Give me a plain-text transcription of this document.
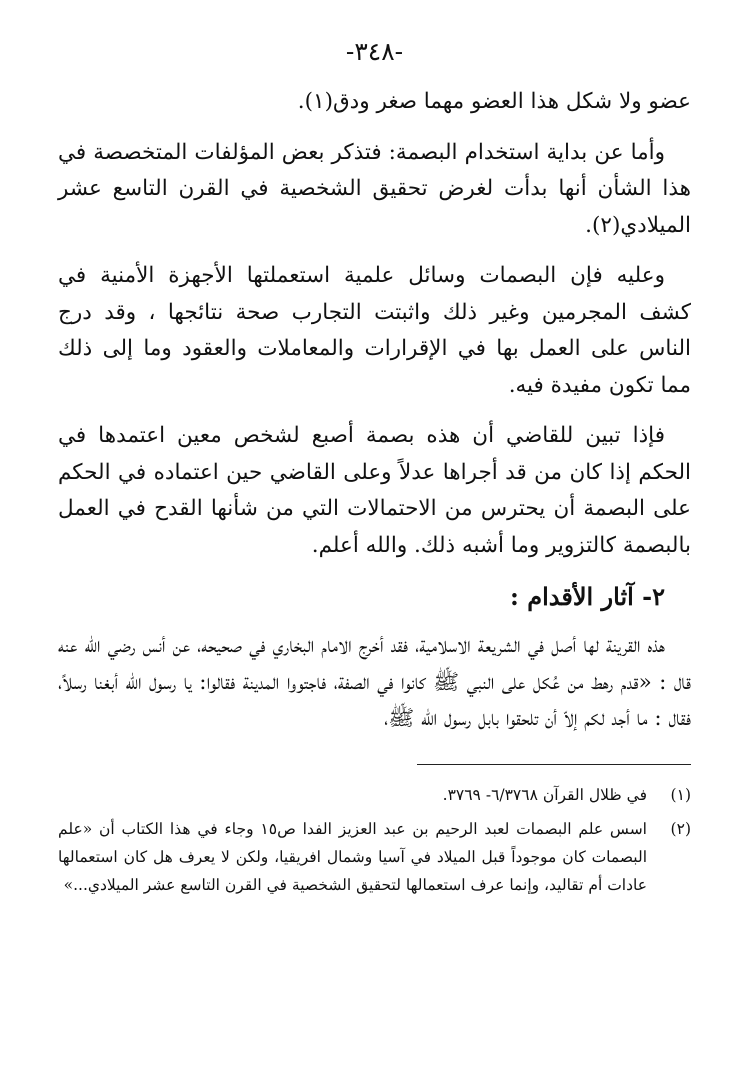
-٣٤٨-

عضو ولا شكل هذا العضو مهما صغر ودق(١).

وأما عن بداية استخدام البصمة: فتذكر بعض المؤلفات المتخصصة في هذا الشأن أنها بدأت لغرض تحقيق الشخصية في القرن التاسع عشر الميلادي(٢).

وعليه فإن البصمات وسائل علمية استعملتها الأجهزة الأمنية في كشف المجرمين وغير ذلك واثبتت التجارب صحة نتائجها ، وقد درج الناس على العمل بها في الإقرارات والمعاملات والعقود وما إلى ذلك مما تكون مفيدة فيه.

فإذا تبين للقاضي أن هذه بصمة أصبع لشخص معين اعتمدها في الحكم إذا كان من قد أجراها عدلاً وعلى القاضي حين اعتماده في الحكم على البصمة أن يحترس من الاحتمالات التي من شأنها القدح في العمل بالبصمة كالتزوير وما أشبه ذلك. والله أعلم.

٢- آثار الأقدام :

هذه القرينة لها أصل في الشريعة الاسلامية، فقد أخرج الامام البخاري في صحيحه، عن أنس رضي الله عنه قال : «قدم رهط من عُكل على النبي ﷺ كانوا في الصفة، فاجتووا المدينة فقالوا: يا رسول الله أبغنا رسلاً، فقال : ما أجد لكم إلاّ أن تلحقوا بابل رسول الله ﷺ،

(١)
في ظلال القرآن ٦/٣٧٦٨- ٣٧٦٩.
(٢)
اسس علم البصمات لعبد الرحيم بن عبد العزيز الفدا ص١٥ وجاء في هذا الكتاب أن «علم البصمات كان موجوداً قبل الميلاد في آسيا وشمال افريقيا، ولكن لا يعرف هل كان استعمالها عادات أم تقاليد، وإنما عرف استعمالها لتحقيق الشخصية في القرن التاسع عشر الميلادي...»
